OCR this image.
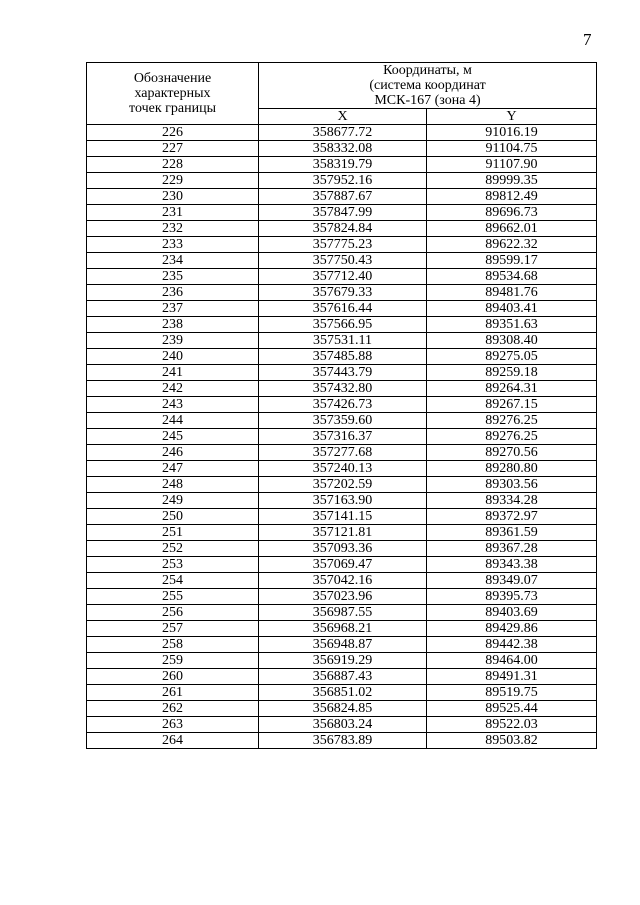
7
Обозначение
характерных
точек границы	Координаты, м
(система координат
МСК-167 (зона 4)	

	X	Y
226	358677.72	91016.19
227	358332.08	91104.75
228	358319.79	91107.90
229	357952.16	89999.35
230	357887.67	89812.49
231	357847.99	89696.73
232	357824.84	89662.01
233	357775.23	89622.32
234	357750.43	89599.17
235	357712.40	89534.68
236	357679.33	89481.76
237	357616.44	89403.41
238	357566.95	89351.63
239	357531.11	89308.40
240	357485.88	89275.05
241	357443.79	89259.18
242	357432.80	89264.31
243	357426.73	89267.15
244	357359.60	89276.25
245	357316.37	89276.25
246	357277.68	89270.56
247	357240.13	89280.80
248	357202.59	89303.56
249	357163.90	89334.28
250	357141.15	89372.97
251	357121.81	89361.59
252	357093.36	89367.28
253	357069.47	89343.38
254	357042.16	89349.07
255	357023.96	89395.73
256	356987.55	89403.69
257	356968.21	89429.86
258	356948.87	89442.38
259	356919.29	89464.00
260	356887.43	89491.31
261	356851.02	89519.75
262	356824.85	89525.44
263	356803.24	89522.03
264	356783.89	89503.82
